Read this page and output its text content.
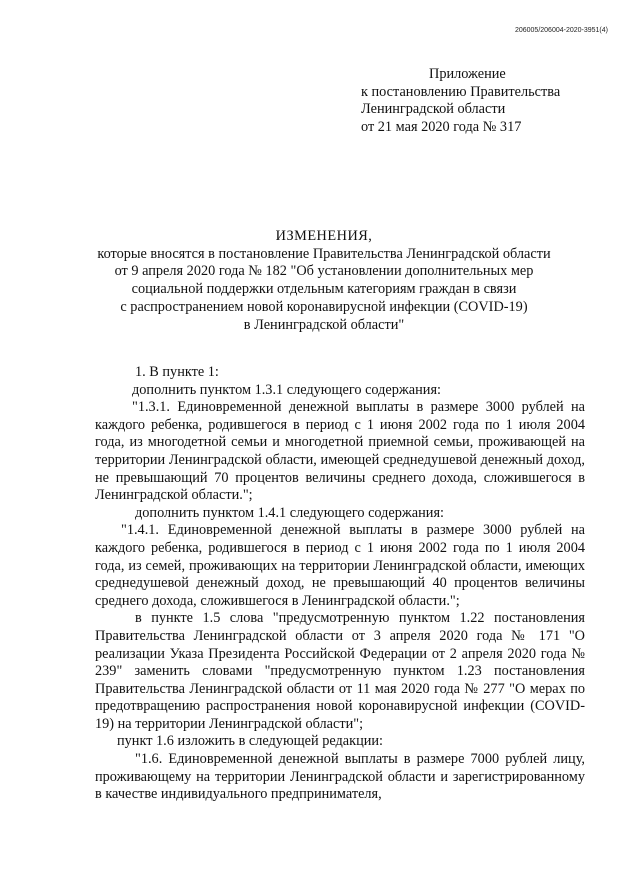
206005/206004-2020-3951(4)
Приложение
к постановлению Правительства
Ленинградской области
от 21 мая 2020 года № 317
ИЗМЕНЕНИЯ,
которые вносятся в постановление Правительства Ленинградской области
от 9 апреля 2020 года № 182 "Об установлении дополнительных мер
социальной поддержки отдельным категориям граждан в связи
с распространением новой коронавирусной инфекции (COVID-19)
в Ленинградской области"

1. В пункте 1:

дополнить пунктом 1.3.1 следующего содержания:

"1.3.1. Единовременной денежной выплаты в размере 3000 рублей на каждого ребенка, родившегося в период с 1 июня 2002 года по 1 июля 2004 года, из многодетной семьи и многодетной приемной семьи, проживающей на территории Ленинградской области, имеющей среднедушевой денежный доход, не превышающий 70 процентов величины среднего дохода, сложившегося в Ленинградской области.";

дополнить пунктом 1.4.1 следующего содержания:

"1.4.1. Единовременной денежной выплаты в размере 3000 рублей на каждого ребенка, родившегося в период с 1 июня 2002 года по 1 июля 2004 года, из семей, проживающих на территории Ленинградской области, имеющих среднедушевой денежный доход, не превышающий 40 процентов величины среднего дохода, сложившегося в Ленинградской области.";

в пункте 1.5 слова "предусмотренную пунктом 1.22 постановления Правительства Ленинградской области от 3 апреля 2020 года № 171 "О реализации Указа Президента Российской Федерации от 2 апреля 2020 года № 239" заменить словами "предусмотренную пунктом 1.23 постановления Правительства Ленинградской области от 11 мая 2020 года № 277 "О мерах по предотвращению распространения новой коронавирусной инфекции (COVID-19) на территории Ленинградской области";

пункт 1.6 изложить в следующей редакции:

"1.6. Единовременной денежной выплаты в размере 7000 рублей лицу, проживающему на территории Ленинградской области и зарегистрированному в качестве индивидуального предпринимателя,
